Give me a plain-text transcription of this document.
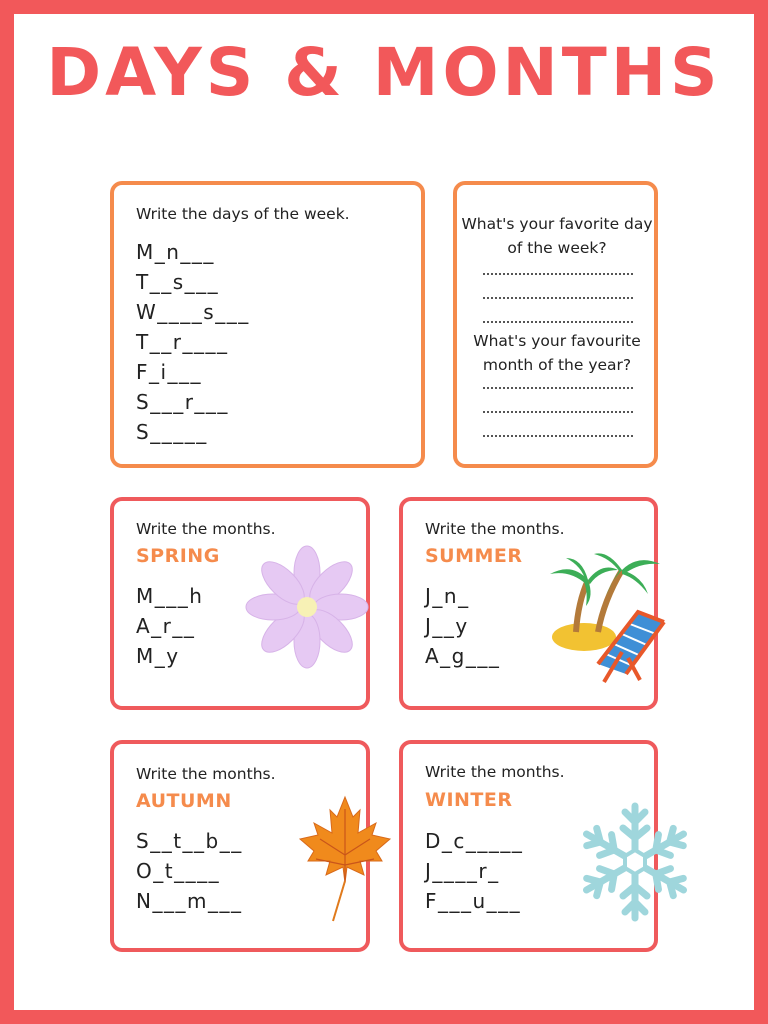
DAYS & MONTHS
Write the days of the week.
M_n___
T__s___
W____s___
T__r____
F_i___
S___r___
S_____
What's your favorite day of the week?
What's your favourite month of the year?
Write the months.
SPRING
M___h
A_r__
M_y
Write the months.
SUMMER
J_n_
J__y
A_g___
Write the months.
AUTUMN
S__t__b__
O_t____
N___m___
Write the months.
WINTER
D_c_____
J____r_
F___u___
